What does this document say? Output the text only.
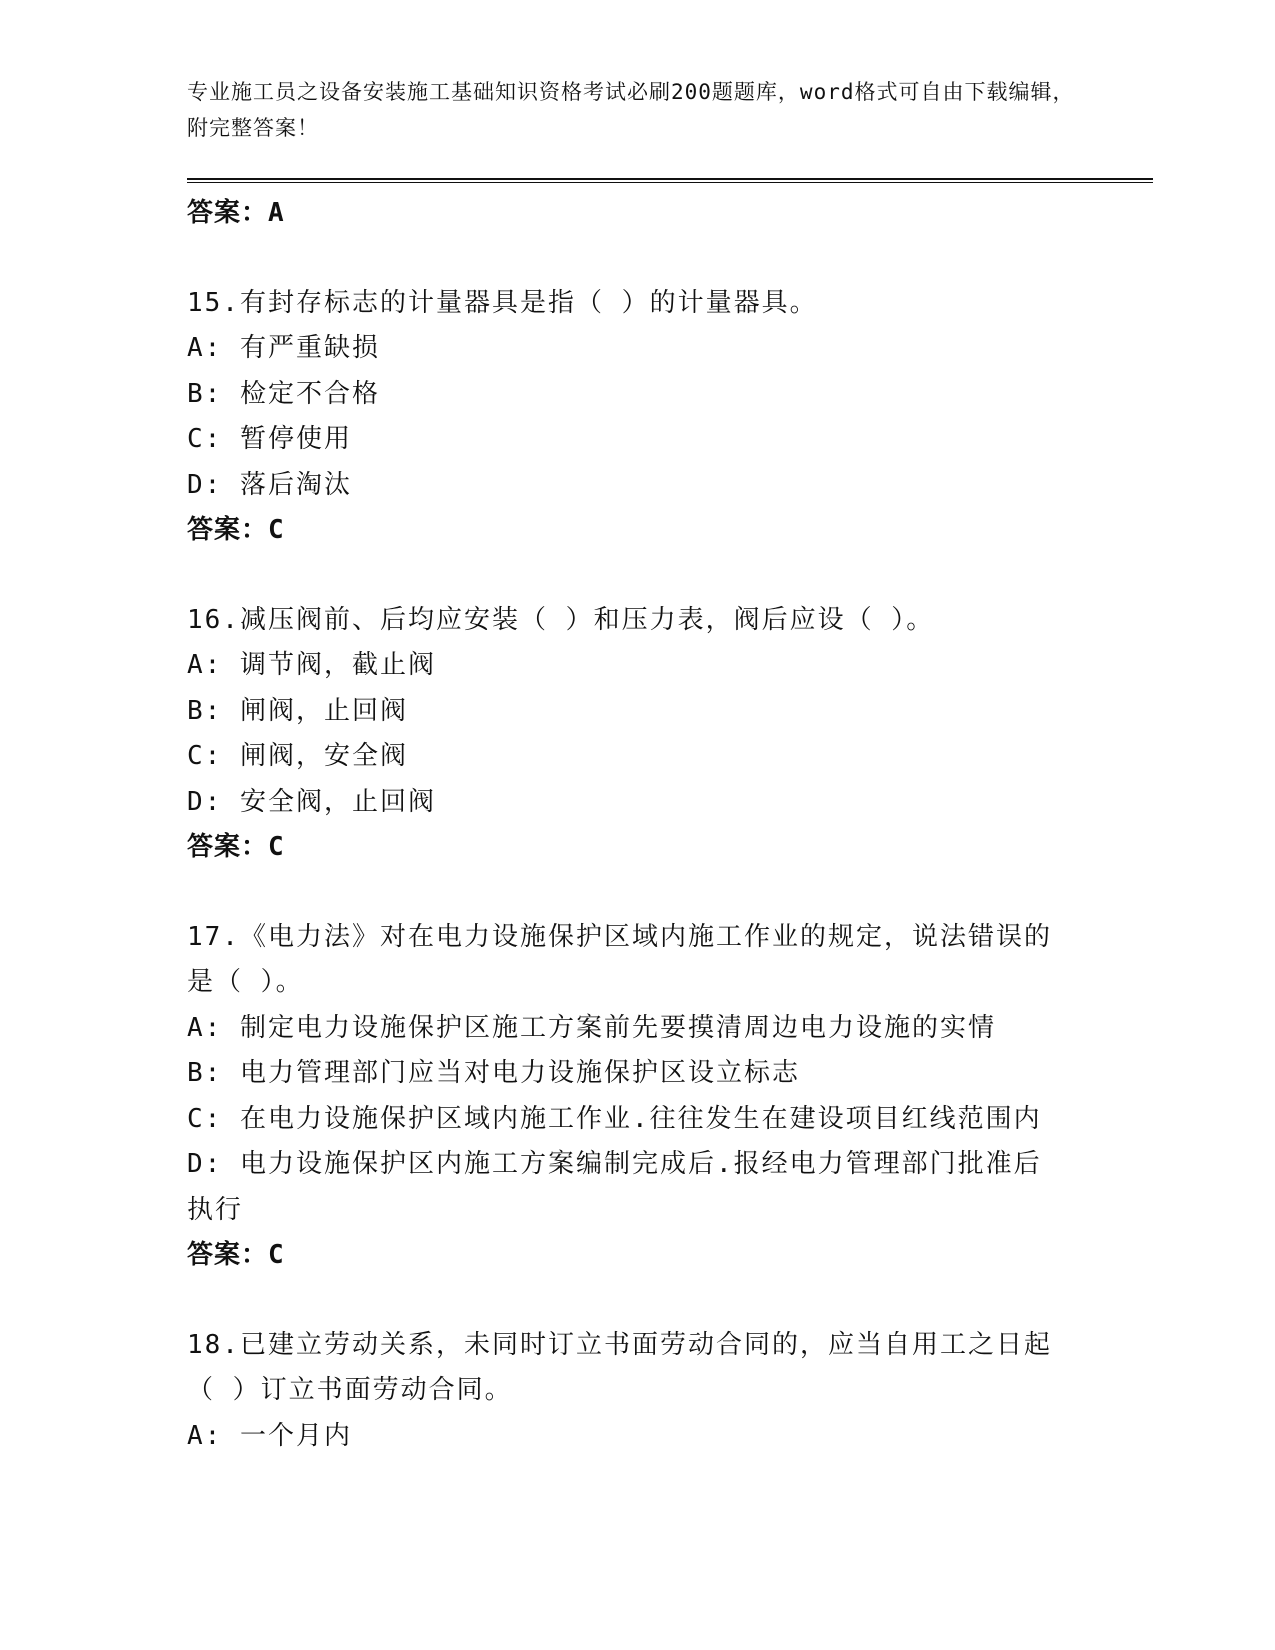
专业施工员之设备安装施工基础知识资格考试必刷200题题库，word格式可自由下载编辑，附完整答案！
答案：A
15.有封存标志的计量器具是指（ ）的计量器具。
A: 有严重缺损
B: 检定不合格
C: 暂停使用
D: 落后淘汰
答案：C
16.减压阀前、后均应安装（ ）和压力表，阀后应设（ ）。
A: 调节阀，截止阀
B: 闸阀，止回阀
C: 闸阀，安全阀
D: 安全阀，止回阀
答案：C
17.《电力法》对在电力设施保护区域内施工作业的规定，说法错误的
是（ ）。
A: 制定电力设施保护区施工方案前先要摸清周边电力设施的实情
B: 电力管理部门应当对电力设施保护区设立标志
C: 在电力设施保护区域内施工作业.往往发生在建设项目红线范围内
D: 电力设施保护区内施工方案编制完成后.报经电力管理部门批准后
执行
答案：C
18.已建立劳动关系，未同时订立书面劳动合同的，应当自用工之日起
（ ）订立书面劳动合同。
A: 一个月内
